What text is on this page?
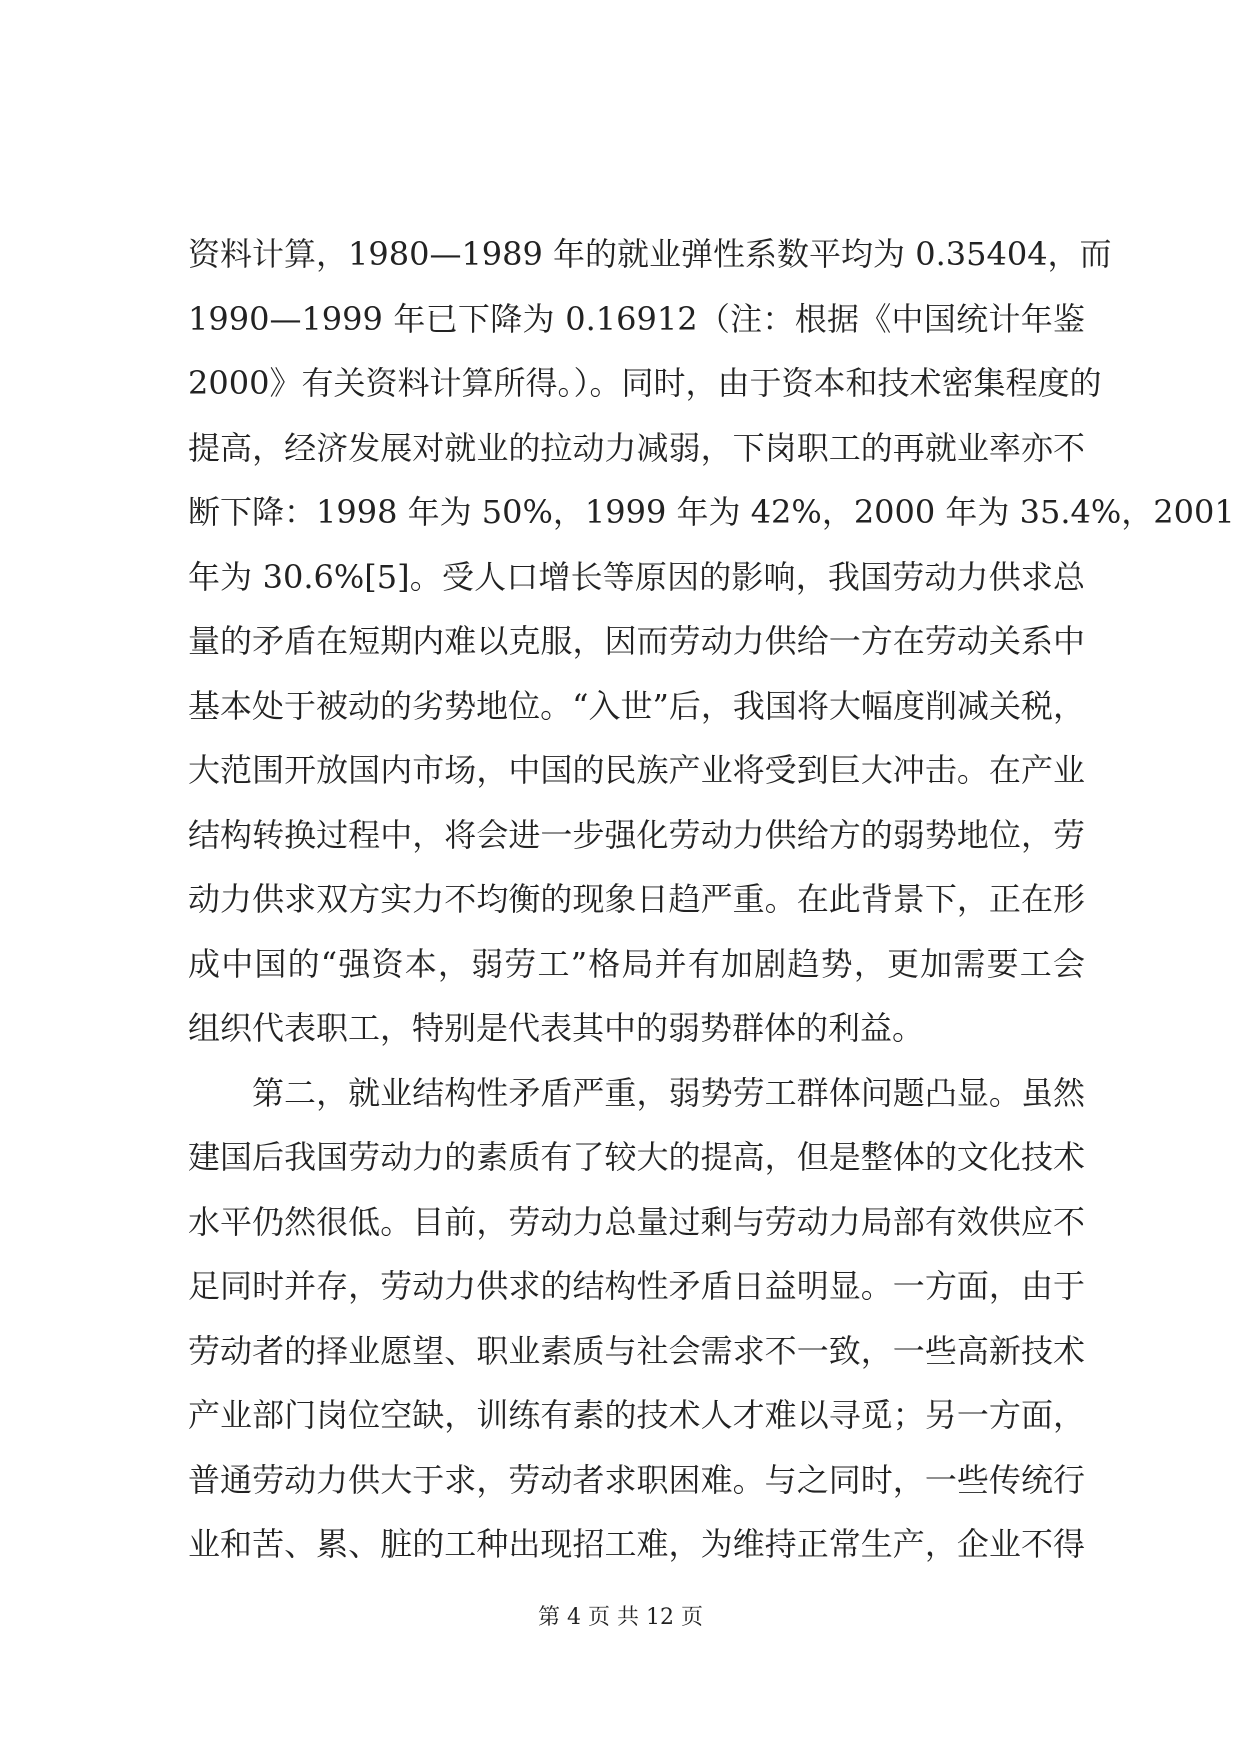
资料计算，1980—1989 年的就业弹性系数平均为 0.35404，而
1990—1999 年已下降为 0.16912（注：根据《中国统计年鉴
2000》有关资料计算所得。）。同时，由于资本和技术密集程度的
提高，经济发展对就业的拉动力减弱，下岗职工的再就业率亦不
断下降：1998 年为 50%，1999 年为 42%，2000 年为 35.4%，2001
年为 30.6%[5]。受人口增长等原因的影响，我国劳动力供求总
量的矛盾在短期内难以克服，因而劳动力供给一方在劳动关系中
基本处于被动的劣势地位。“入世”后，我国将大幅度削减关税，
大范围开放国内市场，中国的民族产业将受到巨大冲击。在产业
结构转换过程中，将会进一步强化劳动力供给方的弱势地位，劳
动力供求双方实力不均衡的现象日趋严重。在此背景下，正在形
成中国的“强资本，弱劳工”格局并有加剧趋势，更加需要工会
组织代表职工，特别是代表其中的弱势群体的利益。
第二，就业结构性矛盾严重，弱势劳工群体问题凸显。虽然
建国后我国劳动力的素质有了较大的提高，但是整体的文化技术
水平仍然很低。目前，劳动力总量过剩与劳动力局部有效供应不
足同时并存，劳动力供求的结构性矛盾日益明显。一方面，由于
劳动者的择业愿望、职业素质与社会需求不一致，一些高新技术
产业部门岗位空缺，训练有素的技术人才难以寻觅；另一方面，
普通劳动力供大于求，劳动者求职困难。与之同时，一些传统行
业和苦、累、脏的工种出现招工难，为维持正常生产，企业不得
第 4 页 共 12 页
